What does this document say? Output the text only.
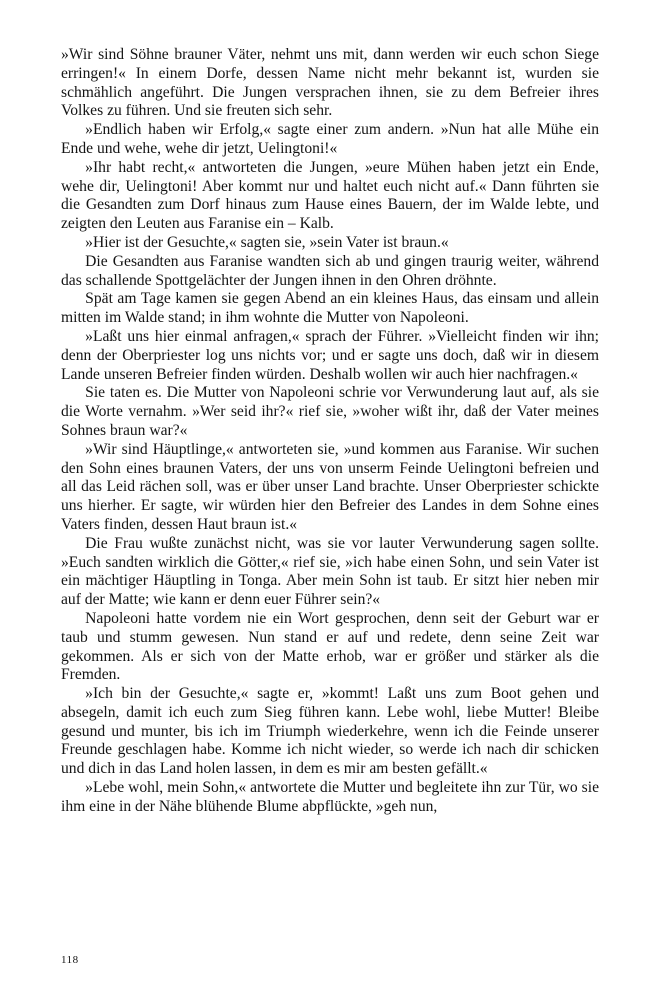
»Wir sind Söhne brauner Väter, nehmt uns mit, dann werden wir euch schon Siege erringen!« In einem Dorfe, dessen Name nicht mehr bekannt ist, wurden sie schmählich angeführt. Die Jungen versprachen ihnen, sie zu dem Befreier ihres Volkes zu führen. Und sie freuten sich sehr.

»Endlich haben wir Erfolg,« sagte einer zum andern. »Nun hat alle Mühe ein Ende und wehe, wehe dir jetzt, Uelingtoni!«

»Ihr habt recht,« antworteten die Jungen, »eure Mühen haben jetzt ein Ende, wehe dir, Uelingtoni! Aber kommt nur und haltet euch nicht auf.« Dann führten sie die Gesandten zum Dorf hinaus zum Hause eines Bauern, der im Walde lebte, und zeigten den Leuten aus Faranise ein – Kalb.

»Hier ist der Gesuchte,« sagten sie, »sein Vater ist braun.«

Die Gesandten aus Faranise wandten sich ab und gingen traurig weiter, während das schallende Spottgelächter der Jungen ihnen in den Ohren dröhnte.

Spät am Tage kamen sie gegen Abend an ein kleines Haus, das einsam und allein mitten im Walde stand; in ihm wohnte die Mutter von Napoleoni.

»Laßt uns hier einmal anfragen,« sprach der Führer. »Vielleicht finden wir ihn; denn der Oberpriester log uns nichts vor; und er sagte uns doch, daß wir in diesem Lande unseren Befreier finden würden. Deshalb wollen wir auch hier nachfragen.«

Sie taten es. Die Mutter von Napoleoni schrie vor Verwunderung laut auf, als sie die Worte vernahm. »Wer seid ihr?« rief sie, »woher wißt ihr, daß der Vater meines Sohnes braun war?«

»Wir sind Häuptlinge,« antworteten sie, »und kommen aus Faranise. Wir suchen den Sohn eines braunen Vaters, der uns von unserm Feinde Uelingtoni befreien und all das Leid rächen soll, was er über unser Land brachte. Unser Oberpriester schickte uns hierher. Er sagte, wir würden hier den Befreier des Landes in dem Sohne eines Vaters finden, dessen Haut braun ist.«

Die Frau wußte zunächst nicht, was sie vor lauter Verwunderung sagen sollte. »Euch sandten wirklich die Götter,« rief sie, »ich habe einen Sohn, und sein Vater ist ein mächtiger Häuptling in Tonga. Aber mein Sohn ist taub. Er sitzt hier neben mir auf der Matte; wie kann er denn euer Führer sein?«

Napoleoni hatte vordem nie ein Wort gesprochen, denn seit der Geburt war er taub und stumm gewesen. Nun stand er auf und redete, denn seine Zeit war gekommen. Als er sich von der Matte erhob, war er größer und stärker als die Fremden.

»Ich bin der Gesuchte,« sagte er, »kommt! Laßt uns zum Boot gehen und absegeln, damit ich euch zum Sieg führen kann. Lebe wohl, liebe Mutter! Bleibe gesund und munter, bis ich im Triumph wiederkehre, wenn ich die Feinde unserer Freunde geschlagen habe. Komme ich nicht wieder, so werde ich nach dir schicken und dich in das Land holen lassen, in dem es mir am besten gefällt.«

»Lebe wohl, mein Sohn,« antwortete die Mutter und begleitete ihn zur Tür, wo sie ihm eine in der Nähe blühende Blume abpflückte, »geh nun,

118
